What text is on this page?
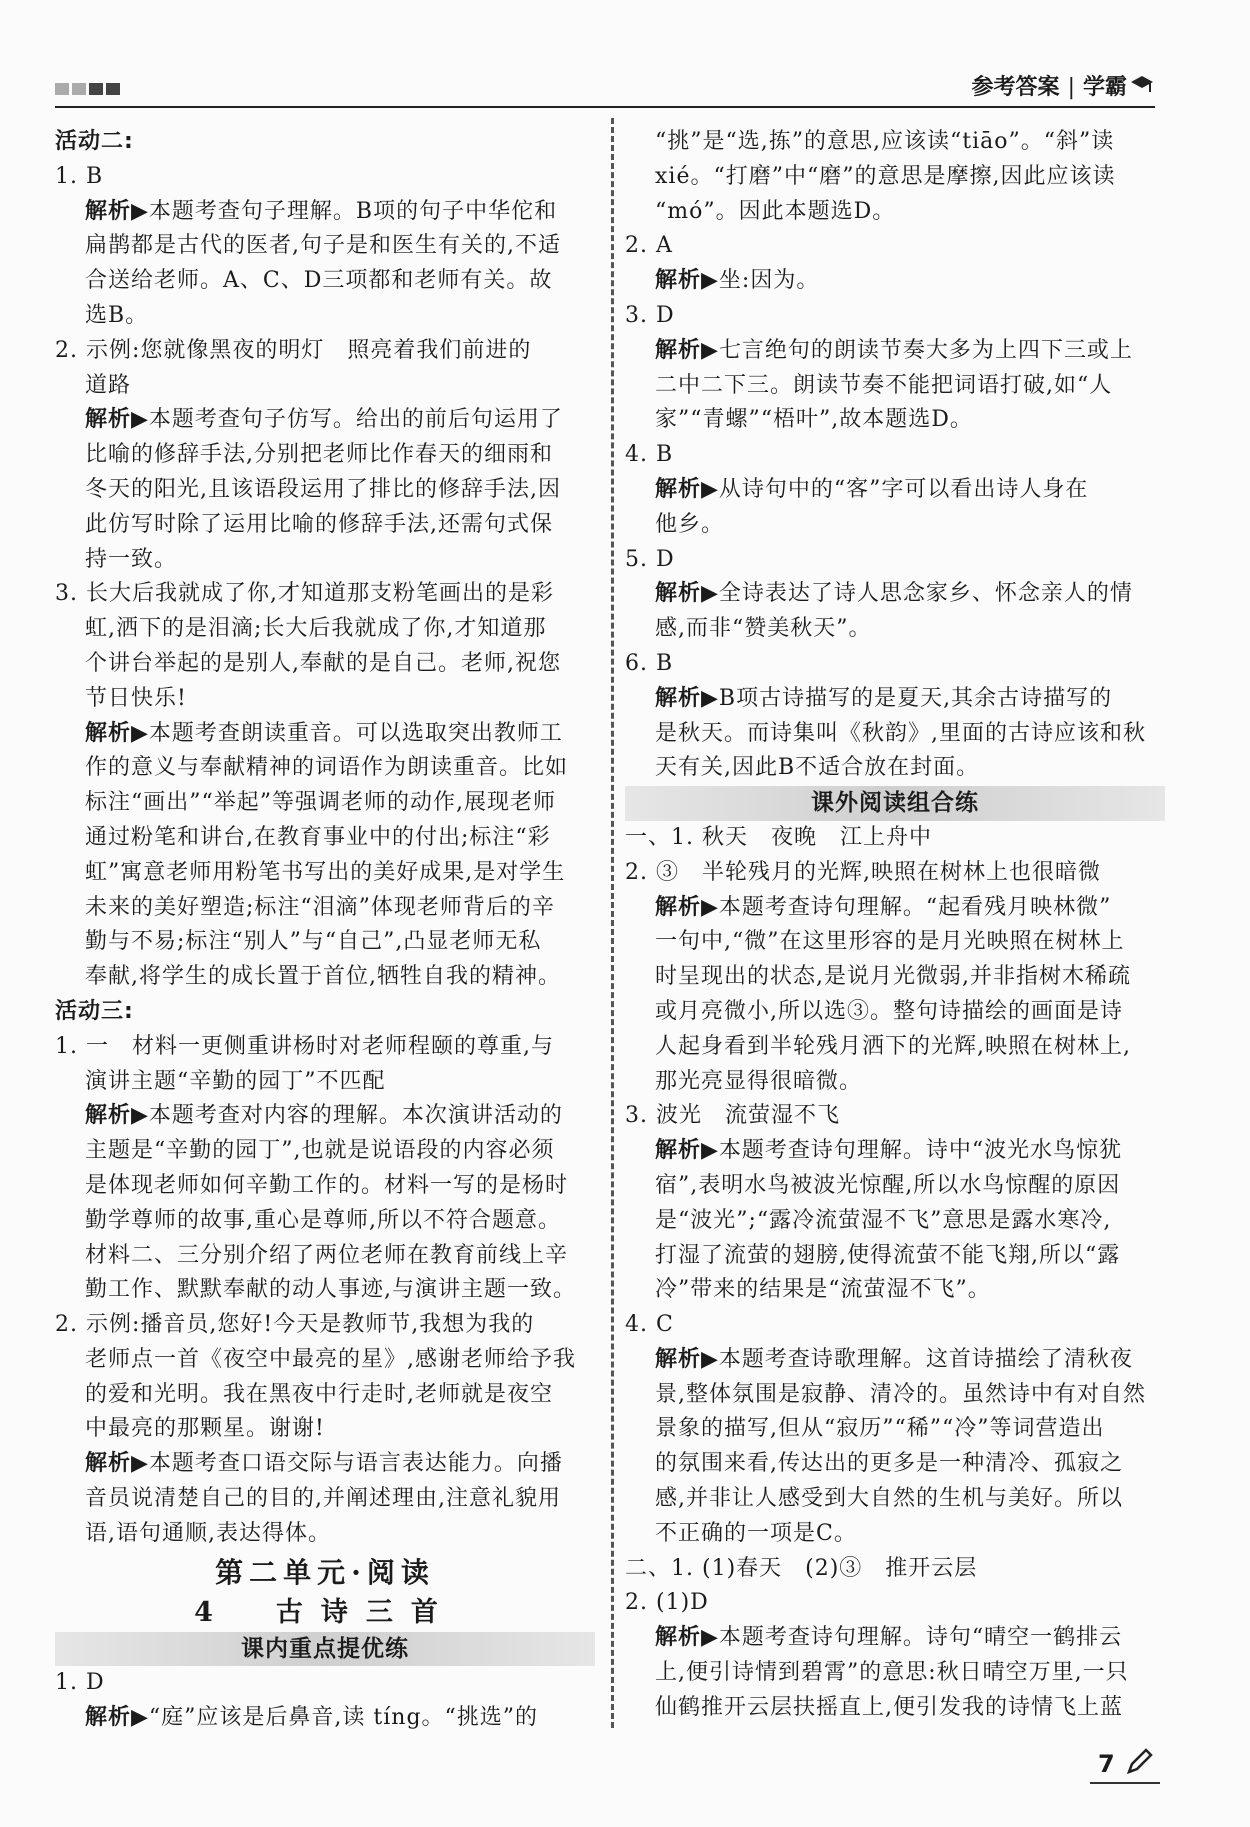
参考答案 | 学霸
活动二:
1. B
解析▶本题考查句子理解。B项的句子中华佗和
扁鹊都是古代的医者,句子是和医生有关的,不适
合送给老师。A、C、D三项都和老师有关。故
选B。
2. 示例:您就像黑夜的明灯　照亮着我们前进的
道路
解析▶本题考查句子仿写。给出的前后句运用了
比喻的修辞手法,分别把老师比作春天的细雨和
冬天的阳光,且该语段运用了排比的修辞手法,因
此仿写时除了运用比喻的修辞手法,还需句式保
持一致。
3. 长大后我就成了你,才知道那支粉笔画出的是彩
虹,洒下的是泪滴;长大后我就成了你,才知道那
个讲台举起的是别人,奉献的是自己。老师,祝您
节日快乐!
解析▶本题考查朗读重音。可以选取突出教师工
作的意义与奉献精神的词语作为朗读重音。比如
标注“画出”“举起”等强调老师的动作,展现老师
通过粉笔和讲台,在教育事业中的付出;标注“彩
虹”寓意老师用粉笔书写出的美好成果,是对学生
未来的美好塑造;标注“泪滴”体现老师背后的辛
勤与不易;标注“别人”与“自己”,凸显老师无私
奉献,将学生的成长置于首位,牺牲自我的精神。
活动三:
1. 一　材料一更侧重讲杨时对老师程颐的尊重,与
演讲主题“辛勤的园丁”不匹配
解析▶本题考查对内容的理解。本次演讲活动的
主题是“辛勤的园丁”,也就是说语段的内容必须
是体现老师如何辛勤工作的。材料一写的是杨时
勤学尊师的故事,重心是尊师,所以不符合题意。
材料二、三分别介绍了两位老师在教育前线上辛
勤工作、默默奉献的动人事迹,与演讲主题一致。
2. 示例:播音员,您好!今天是教师节,我想为我的
老师点一首《夜空中最亮的星》,感谢老师给予我
的爱和光明。我在黑夜中行走时,老师就是夜空
中最亮的那颗星。谢谢!
解析▶本题考查口语交际与语言表达能力。向播
音员说清楚自己的目的,并阐述理由,注意礼貌用
语,语句通顺,表达得体。
第二单元·阅读
4　古诗三首
课内重点提优练
1. D
解析▶“庭”应该是后鼻音,读 tíng。“挑选”的
“挑”是“选,拣”的意思,应该读“tiāo”。“斜”读
xié。“打磨”中“磨”的意思是摩擦,因此应该读
“mó”。因此本题选D。
2. A
解析▶坐:因为。
3. D
解析▶七言绝句的朗读节奏大多为上四下三或上
二中二下三。朗读节奏不能把词语打破,如“人
家”“青螺”“梧叶”,故本题选D。
4. B
解析▶从诗句中的“客”字可以看出诗人身在
他乡。
5. D
解析▶全诗表达了诗人思念家乡、怀念亲人的情
感,而非“赞美秋天”。
6. B
解析▶B项古诗描写的是夏天,其余古诗描写的
是秋天。而诗集叫《秋韵》,里面的古诗应该和秋
天有关,因此B不适合放在封面。
课外阅读组合练
一、1. 秋天　夜晚　江上舟中
2. ③　半轮残月的光辉,映照在树林上也很暗微
解析▶本题考查诗句理解。“起看残月映林微”
一句中,“微”在这里形容的是月光映照在树林上
时呈现出的状态,是说月光微弱,并非指树木稀疏
或月亮微小,所以选③。整句诗描绘的画面是诗
人起身看到半轮残月洒下的光辉,映照在树林上,
那光亮显得很暗微。
3. 波光　流萤湿不飞
解析▶本题考查诗句理解。诗中“波光水鸟惊犹
宿”,表明水鸟被波光惊醒,所以水鸟惊醒的原因
是“波光”;“露冷流萤湿不飞”意思是露水寒冷,
打湿了流萤的翅膀,使得流萤不能飞翔,所以“露
冷”带来的结果是“流萤湿不飞”。
4. C
解析▶本题考查诗歌理解。这首诗描绘了清秋夜
景,整体氛围是寂静、清冷的。虽然诗中有对自然
景象的描写,但从“寂历”“稀”“冷”等词营造出
的氛围来看,传达出的更多是一种清冷、孤寂之
感,并非让人感受到大自然的生机与美好。所以
不正确的一项是C。
二、1. (1)春天　(2)③　推开云层
2. (1)D
解析▶本题考查诗句理解。诗句“晴空一鹤排云
上,便引诗情到碧霄”的意思:秋日晴空万里,一只
仙鹤推开云层扶摇直上,便引发我的诗情飞上蓝
7
